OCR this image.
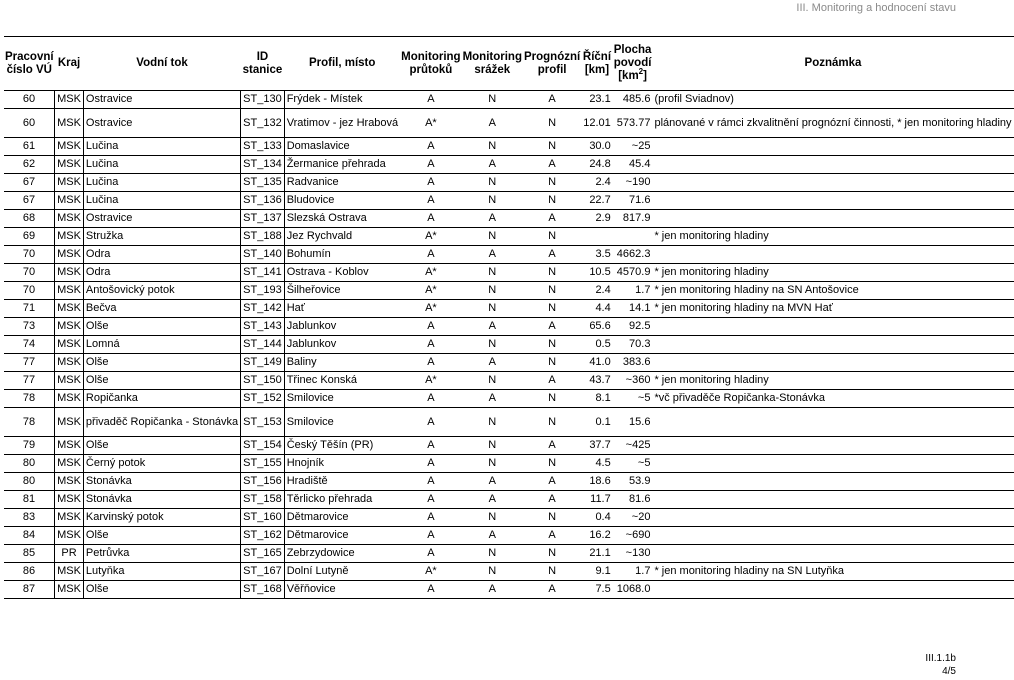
III. Monitoring a hodnocení stavu
Pracovní
číslo VÚ	Kraj	Vodní tok	ID stanice	Profil, místo	Monitoring
průtoků	Monitoring
srážek	Prognózní
profil	Říční [km]	Plocha
povodí
$[km^2]$	Poznámka
60	MSK	Ostravice	ST_130	Frýdek - Místek	A	N	A	23.1	485.6	(profil Sviadnov)
60	MSK	Ostravice	ST_132	Vratimov - jez Hrabová	A*	A	N	12.01	573.77	plánované v rámci zkvalitnění prognózní činnosti, * jen monitoring hladiny
61	MSK	Lučina	ST_133	Domaslavice	A	N	N	30.0	~25	
62	MSK	Lučina	ST_134	Žermanice přehrada	A	A	A	24.8	45.4	
67	MSK	Lučina	ST_135	Radvanice	A	N	N	2.4	~190	
67	MSK	Lučina	ST_136	Bludovice	A	N	N	22.7	71.6	
68	MSK	Ostravice	ST_137	Slezská Ostrava	A	A	A	2.9	817.9	
69	MSK	Stružka	ST_188	Jez Rychvald	A*	N	N			* jen monitoring hladiny
70	MSK	Odra	ST_140	Bohumín	A	A	A	3.5	4662.3	
70	MSK	Odra	ST_141	Ostrava - Koblov	A*	N	N	10.5	4570.9	* jen monitoring hladiny
70	MSK	Antošovický potok	ST_193	Šilheřovice	A*	N	N	2.4	1.7	* jen monitoring hladiny na SN Antošovice
71	MSK	Bečva	ST_142	Hať	A*	N	N	4.4	14.1	* jen monitoring hladiny na MVN Hať
73	MSK	Olše	ST_143	Jablunkov	A	A	A	65.6	92.5	
74	MSK	Lomná	ST_144	Jablunkov	A	N	N	0.5	70.3	
77	MSK	Olše	ST_149	Baliny	A	A	N	41.0	383.6	
77	MSK	Olše	ST_150	Třinec Konská	A*	N	A	43.7	~360	* jen monitoring hladiny
78	MSK	Ropičanka	ST_152	Smilovice	A	A	N	8.1	~5	*vč přivaděče Ropičanka-Stonávka
78	MSK	přivaděč Ropičanka - Stonávka	ST_153	Smilovice	A	N	N	0.1	15.6	
79	MSK	Olše	ST_154	Český Těšín (PR)	A	N	A	37.7	~425	
80	MSK	Černý potok	ST_155	Hnojník	A	N	N	4.5	~5	
80	MSK	Stonávka	ST_156	Hradiště	A	A	A	18.6	53.9	
81	MSK	Stonávka	ST_158	Těrlicko přehrada	A	A	A	11.7	81.6	
83	MSK	Karvinský potok	ST_160	Dětmarovice	A	N	N	0.4	~20	
84	MSK	Olše	ST_162	Dětmarovice	A	A	A	16.2	~690	
85	PR	Petrůvka	ST_165	Zebrzydowice	A	N	N	21.1	~130	
86	MSK	Lutyňka	ST_167	Dolní Lutyně	A*	N	N	9.1	1.7	* jen monitoring hladiny na SN Lutyňka
87	MSK	Olše	ST_168	Věřňovice	A	A	A	7.5	1068.0	
III.1.1b
4/5
